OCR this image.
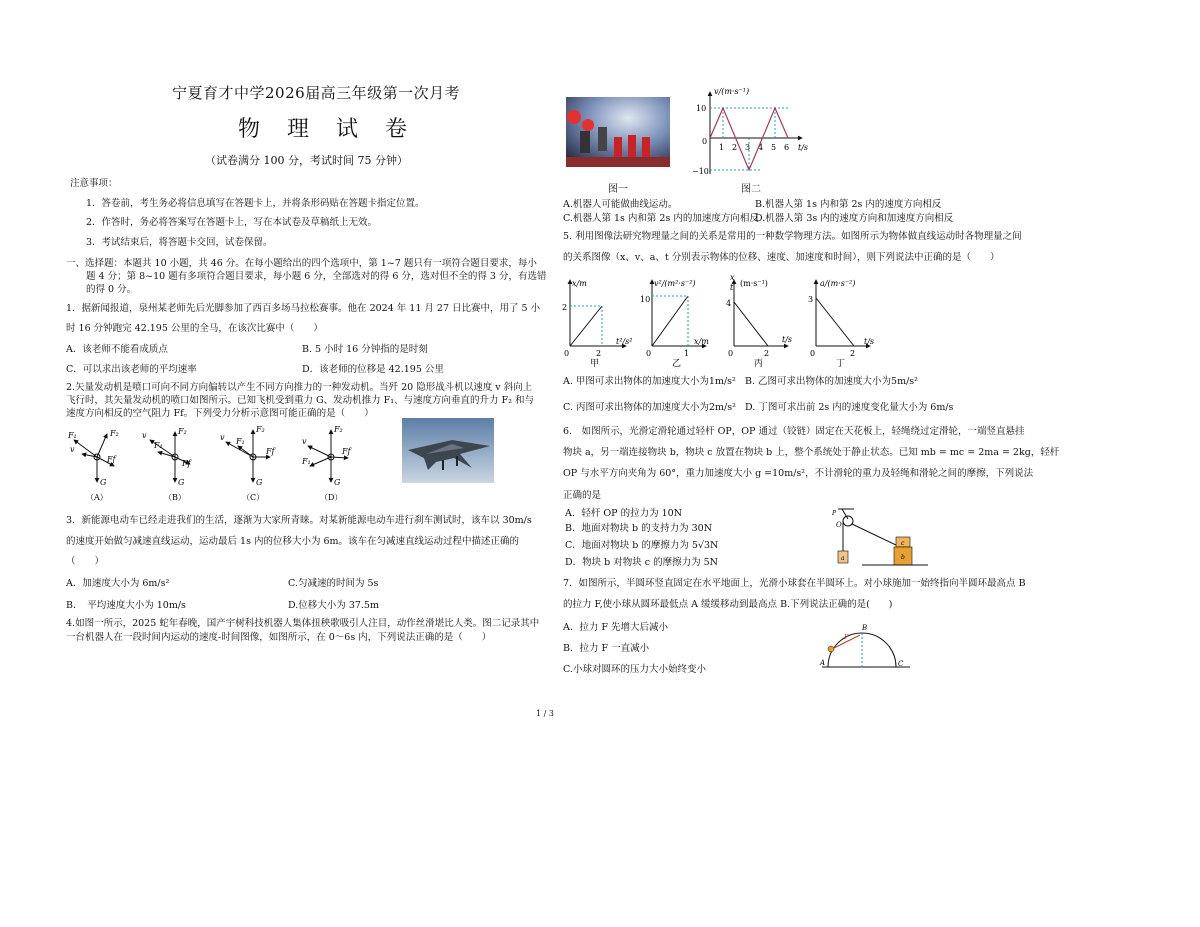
宁夏育才中学2026届高三年级第一次月考
物 理 试 卷
（试卷满分 100 分，考试时间 75 分钟）
注意事项：
1．答卷前，考生务必将信息填写在答题卡上，并将条形码贴在答题卡指定位置。
2．作答时，务必将答案写在答题卡上，写在本试卷及草稿纸上无效。
3．考试结束后，将答题卡交回，试卷保留。
一、选择题：本题共 10 小题，共 46 分。在每小题给出的四个选项中，第 1~7 题只有一项符合题目要求，每小
题 4 分；第 8~10 题有多项符合题目要求，每小题 6 分，全部选对的得 6 分，选对但不全的得 3 分，有选错
的得 0 分。
1．据新闻报道，泉州某老师先后光脚参加了西百多场马拉松赛事。他在 2024 年 11 月 27 日比赛中，用了 5 小
时 16 分钟跑完 42.195 公里的全马，在该次比赛中（　　）
A．该老师不能看成质点	B. 5 小时 16 分钟指的是时刻
C．可以求出该老师的平均速率	D．该老师的位移是 42.195 公里
2.矢量发动机是喷口可向不同方向偏转以产生不同方向推力的一种发动机。当歼 20 隐形战斗机以速度 v 斜向上
飞行时，其矢量发动机的喷口如图所示。已知飞机受到重力 G、发动机推力 F₁、与速度方向垂直的升力 F₂ 和与
速度方向相反的空气阻力 Ff。下列受力分析示意图可能正确的是（　　）
F₁	F₂
v
Ff
G
（A）
v	F₂
F₁
Ff
G
（B）
v
F₂
F₁
Ff
G
（C）
F₂
v
F₁
Ff
G
（D）
3．新能源电动车已经走进我们的生活，逐渐为大家所青睐。对某新能源电动车进行刹车测试时，该车以 30m/s
的速度开始做匀减速直线运动，运动最后 1s 内的位移大小为 6m。该车在匀减速直线运动过程中描述正确的
（　　）
A．加速度大小为 6m/s²	C.匀减速的时间为 5s
B．　平均速度大小为 10m/s	D.位移大小为 37.5m
4.如图一所示，2025 蛇年春晚，国产宇树科技机器人集体扭秧歌吸引人注目，动作丝滑堪比人类。图二记录其中
一台机器人在一段时间内运动的速度-时间图像，如图所示，在 0～6s 内，下列说法正确的是（　　）
图一
v/(m·s⁻¹)
t/s
10
−10
0
1 2 3 4 5 6
图二
A.机器人可能做曲线运动。	B.机器人第 1s 内和第 2s 内的速度方向相反
C.机器人第 1s 内和第 2s 内的加速度方向相反
D.机器人第 3s 内的速度方向和加速度方向相反
5. 利用图像法研究物理量之间的关系是常用的一种数学物理方法。如图所示为物体做直线运动时各物理量之间
的关系图像（x、v、a、t 分别表示物体的位移、速度、加速度和时间），则下列说法中正确的是（　　）
x/m
t²/s²
2
0	2
甲
v²/(m²·s⁻²)
x/m
10
0	1
乙
x
t (m·s⁻¹)
t/s
4
0	2
丙
a/(m·s⁻²)
t/s
3
0	2
丁
A. 甲图可求出物体的加速度大小为1m/s² B. 乙图可求出物体的加速度大小为5m/s²
C. 丙图可求出物体的加速度大小为2m/s² D. 丁图可求出前 2s 内的速度变化量大小为 6m/s
6.　如图所示，光滑定滑轮通过轻杆 OP，OP 通过（铰链）固定在天花板上，轻绳绕过定滑轮，一端竖直悬挂
物块 a，另一端连接物块 b，物块 c 放置在物块 b 上，整个系统处于静止状态。已知 mb = mc = 2ma = 2kg，轻杆
OP 与水平方向夹角为 60°，重力加速度大小 g =10m/s²，不计滑轮的重力及轻绳和滑轮之间的摩擦，下列说法
正确的是
A．轻杆 OP 的拉力为 10N
B．地面对物块 b 的支持力为 30N
C．地面对物块 b 的摩擦力为 5√3N
D．物块 b 对物块 c 的摩擦力为 5N
P
O
a
c
b
7．如图所示，半圆环竖直固定在水平地面上，光滑小球套在半圆环上。对小球施加一始终指向半圆环最高点 B
的拉力 F,使小球从圆环最低点 A 缓缓移动到最高点 B.下列说法正确的是(　　)
A．拉力 F 先增大后减小
B．拉力 F 一直减小
C.小球对圆环的压力大小始终变小
B
A	C
F
1 / 3
